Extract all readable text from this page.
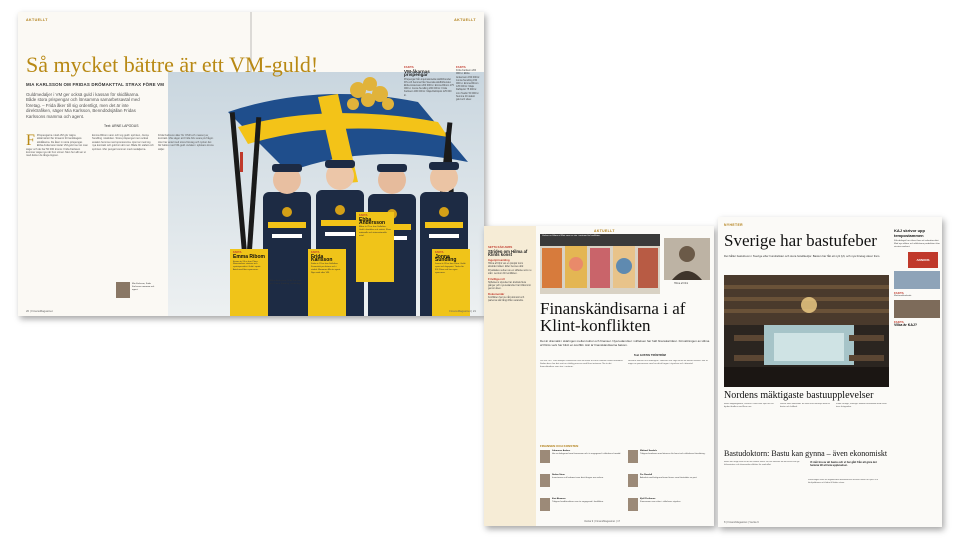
AKTUELLT	AKTUELLT
Så mycket bättre är ett VM-guld!
MIA KARLSSON OM FRIDAS DRÖMAKTTAL STRAX FÖRE VM
Guldmedaljer i VM ger ocksä guld i kassan för skidåkarna. Både stora prispengar och lönsamma samarbetsavtal med företag. – Frida åker till sig ordentligt, men det är inte direktrafiken, säger Mia Karlsson, Benndödsjällan Fridas Karlssons mamma och agent.
Text: ARNE LAPODUS
F Prispengarna i skid-VM gör några skiärmärtor fler lönsamt för landslagets skidåkarna. De åker in stora prispengar. Ebba Andersson tävlar VM-guld mer än man säger och de har 50 000 kronor. Frida Karlsson kommer säga nya när hon vinner. Men hur allt ser ut med detta i de långa loppen.
Emma Ribom vann och tog guld i sprinten, Jonna Sundling i stafetten. Stora prispengar men också avtalen hemma med sponsorerna. Hon tar med sig nya kontrakt och guld är värt mer. Både för stafett och sprinten. Mer pengar kommer med medaljerna.
Frida Karlsson åker för OSR och massor av kontrakt. Mia säger att Frida fick svara på frågor. Hon har avtal med stora företag och tycker det blir bättre med VM-guld. Avtalen i sjöstans krona säljer.
Mia Karlsson, Frida Karlssons mamma och agent.
FAKTA
VM-åkarnas prispengar
Prispengar från internationella skidförbundet FIS och hemma från Svenska skidförbundet. Ebba Andersson 200 000 kr. Emma Ribom 175 000 kr. Jonna Sundling 200 000 kr. Frida Karlsson 180 000 kr. Maja Dahlqvist 125 000 kr.
FAKTA
Frida Karlsson 200 000 kr. Ebba Andersson 150 000 kr. Jonna Sundling 150 000 kr. Emma Ribom 125 000 kr. Maja Dahlqvist 75 000 kr. Linn Svahn 50 000 kr. Summa för stafett guld och silver.
FAKTA
Emma Ribom
Emma är 24 år från Piteå. Ramstrålens startare och sprintspecialist. Guld i sprint. Avtal med flera sponsorer.
FAKTA
Frida Karlsson
Frida är 23 år från Sollefteå. Framstärk på distans och i stafett. Mamman Mia är agent. Nya avtal efter VM.
FAKTA
Ebba Andersson
Ebba är 25 år från Sollefteå. Guld i skiathlon och stafett. Flera nationella och internationella avtal.
FAKTA
Jonna Sundling
Jonna är 28 år från Piteå. Guld i sprint och lagsprint. Tävlar för IFK Piteå och har egna sponsorer.
Ebba Andersson, Frida Karlsson och Jonna Sundling i stafettlaget.
20 | FinansMagasinet	FinansMagasinet | 21
SETTA KÄR AMFS
Striden om Hilma af Klints konst
Ingenjörsamling
Hilma af Klint var en pionjär inom abstrakt måleri. Efter hennes död förvaltades verken av en stiftelse som nu står i centrum för konflikten.
Frivilliga roll
Stiftelsens styrelse har ändrats flera gånger och nya ledamöter har tillkommit genom åren.
Dokumentär
Konflikten har nu nått domstol och parterna står långt ifrån varandra.
Verken av Hilma af Klint som nu står i centrum för konflikten.
AKTUELLT
Hilma af Klint
Finanskändisarna i af Klint-konflikten
Det är dramatik i skäringen mellan kultur och finanser. Nya ledamöter i stiftelsen har haft finanskarriärer. Förvaltningen av Hilma af Klints verk har blivit en konflikt. Här är finanskändisarna bakom.
Text GUSTAV TRÖSTRÖM
Det var 2017 som familjen Johansson ville att Hilma af Klints stiftelse skulle förändras. Sedan dess har det varit en rättslig process med flera instanser. Nu är det finanskändisar som står i centrum.
Nicolaus Borstin och ledningen i stiftelsen har sagt att de vill bevara verken. Här är några av personerna som har drivit frågan i styrelsen och i domstol.
FINANSEN OCH KONSTEN
Johannes Anders
Har en bakgrund som finansman och är engagerad i stiftelsens framtid.
Michael Sandels
Tidigare bankman med intresse för konst och stiftelsens förvaltning.
Stefan Stern
Investerare och ledamot som drivit frågan om verken.
Per Rundell
Advokat med bakgrund inom finans som företräder en part.
Kart Almaner
Tidigare fondförvaltare som är engagerad i konflikten.
Kjell Preiborne
Finansman som sitter i stiftelsens styrelse.
Vecka 9 | FinansMagasinet | 17
NYHETER
Sverige har bastufeber
Det håller bastuboom i Sverige efter hundralister och stora hotellkedjor. Bastun har fått ett nytt lyft, och nya företag växer fram.
KAJ skrivor upp tempostammen
Köksbolaget har räknat hem ett rekordresultat. Med nya affärer och effektivare produktion ökar vinsten markant.
ANNONS
FAKTA
Marknadsbelande
FAKTA
Vilka är KAJ?
Nordens mäktigaste bastuupplevelser
Bastu Högbergaland, Dalarna. Utsikt över sjön och ett dyrbart badhus med flera rum.
Sauna Saint Harwelda. Ett stort finskt koncept med tre bastur och kallbad.
Klubb Lounge, Kaninge. Modern bastuklubb med utsikt över skärgården.
Bastudoktorn: Bastu kan gynna – även ekonomiskt
Bastu har länge varit en del av nordisk kultur. Nu ser forskare att det också kan ge hälsovinster och ekonomiska effekter för samhället.
Vi mår bra av att bastu och vi har gått från att göra det hemma till att leta upplevelser.
Forskningen visar att regelbundna bastubad kan minska risken för hjärt- och kärlsjukdomar och bidra till bättre sömn.
8 | FinansMagasinet | Vecka 9
